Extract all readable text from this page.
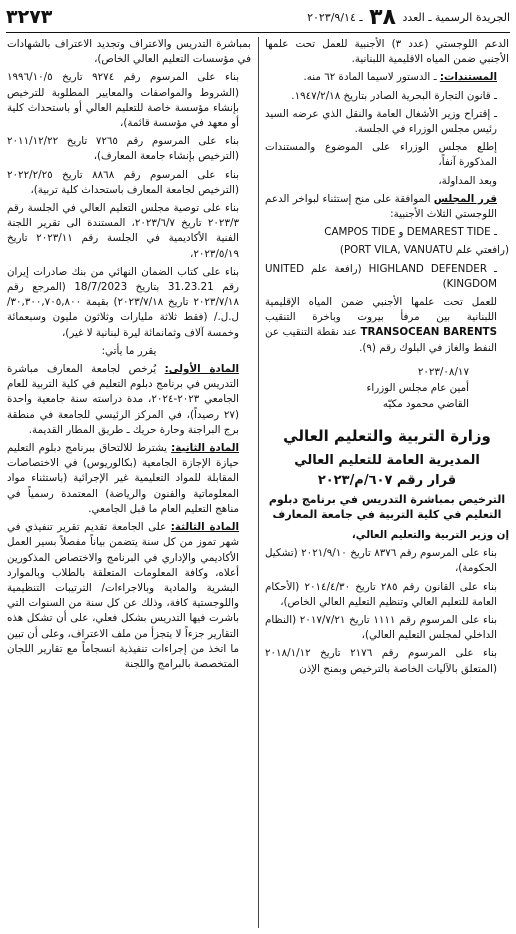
الجريدة الرسمية ـ العدد ٣٨ ـ ٢٠٢٣/٩/١٤
٣٢٧٣

الدعم اللوجستي (عدد ٣) الأجنبية للعمل تحت علمها الأجنبي ضمن المياه الاقليمية اللبنانية.

المستندات: ـ الدستور لاسيما المادة ٦٢ منه.

ـ قانون التجارة البحرية الصادر بتاريخ ١٩٤٧/٢/١٨.

ـ إقتراح وزير الأشغال العامة والنقل الذي عرضه السيد رئيس مجلس الوزراء في الجلسة.

إطلع مجلس الوزراء على الموضوع والمستندات المذكورة آنفاً،

وبعد المداولة،

قرر المجلس الموافقة على منح إستثناء لبواخر الدعم اللوجستي الثلاث الأجنبية:

ـ CAMPOS TIDE و DEMAREST TIDE

(رافعتي علم PORT VILA, VANUATU)

ـ HIGHLAND DEFENDER (رافعة علم UNITED KINGDOM)

للعمل تحت علمها الأجنبي ضمن المياه الإقليمية اللبنانية بين مرفأ بيروت وباخرة التنقيب TRANSOCEAN BARENTS عند نقطة التنقيب عن النفط والغاز في البلوك رقم (٩).

٢٠٢٣/٠٨/١٧
أمين عام مجلس الوزراء
القاضي محمود مكيّه
وزارة التربية والتعليم العالي
المديرية العامة للتعليم العالي
قرار رقم ٦٠٧/م/٢٠٢٣
الترخيص بمباشرة التدريس في برنامج دبلوم التعليم في كلية التربية في جامعة المعارف

إن وزير التربية والتعليم العالي،

بناء على المرسوم رقم ٨٣٧٦ تاريخ ٢٠٢١/٩/١٠ (تشكيل الحكومة)،

بناء على القانون رقم ٢٨٥ تاريخ ٢٠١٤/٤/٣٠ (الأحكام العامة للتعليم العالي وتنظيم التعليم العالي الخاص)،

بناء على المرسوم رقم ١١١١ تاريخ ٢٠١٧/٧/٢١ (النظام الداخلي لمجلس التعليم العالي)،

بناء على المرسوم رقم ٢١٧٦ تاريخ ٢٠١٨/١/١٢ (المتعلق بالآليات الخاصة بالترخيص وبمنح الإذن

بمباشرة التدريس والاعتراف وتجديد الاعتراف بالشهادات في مؤسسات التعليم العالي الخاص)،

بناء على المرسوم رقم ٩٢٧٤ تاريخ ١٩٩٦/١٠/٥ (الشروط والمواصفات والمعايير المطلوبة للترخيص بإنشاء مؤسسة خاصة للتعليم العالي أو باستحداث كلية أو معهد في مؤسسة قائمة)،

بناء على المرسوم رقم ٧٢٦٥ تاريخ ٢٠١١/١٢/٢٢ (الترخيص بإنشاء جامعة المعارف)،

بناء على المرسوم رقم ٨٨٦٨ تاريخ ٢٠٢٢/٢/٢٥ (الترخيص لجامعة المعارف باستحداث كلية تربية)،

بناء على توصية مجلس التعليم العالي في الجلسة رقم ٢٠٢٣/٣ تاريخ ٢٠٢٣/٦/٧، المستندة الى تقرير اللجنة الفنية الأكاديمية في الجلسة رقم ٢٠٢٣/١١ تاريخ ٢٠٢٣/٥/١٩،

بناء على كتاب الضمان النهائي من بنك صادرات إيران رقم 31.23.21 بتاريخ 18/7/2023 (المرجع رقم ٢٠٢٣/٧/١٨ تاريخ ٢٠٢٣/٧/١٨) بقيمة ٣٠,٣٠٠,٧٠٥,٨٠٠/ ل.ل./ (فقط ثلاثة مليارات وثلاثون مليون وسبعمائة وخمسة آلاف وثمانمائة ليرة لبنانية لا غير)،

يقرر ما يأتي:

المادة الأولى: يُرخص لجامعة المعارف مباشرة التدريس في برنامج دبلوم التعليم في كلية التربية للعام الجامعي ٢٠٢٣-٢٠٢٤، مدة دراسته سنة جامعية واحدة (٢٧ رصيداً)، في المركز الرئيسي للجامعة في منطقة برج البراجنة وحارة حريك ـ طريق المطار القديمة.

المادة الثانية: يشترط للالتحاق ببرنامج دبلوم التعليم حيازة الإجازة الجامعية (بكالوريوس) في الاختصاصات المقابلة للمواد التعليمية غير الإجرائية (باستثناء مواد المعلوماتية والفنون والرياضة) المعتمدة رسمياً في مناهج التعليم العام ما قبل الجامعي.

المادة الثالثة: على الجامعة تقديم تقرير تنفيذي في شهر تموز من كل سنة يتضمن بياناً مفصلاً بسير العمل الأكاديمي والإداري في البرنامج والاختصاص المذكورين أعلاه، وكافة المعلومات المتعلقة بالطلاب وبالموارد البشرية والمادية وبالاجراءات/ الترتيبات التنظيمية واللوجستية كافة، وذلك عن كل سنة من السنوات التي باشرت فيها التدريس بشكل فعلي، على أن تشكل هذه التقارير جزءاً لا يتجزأ من ملف الاعتراف، وعلى أن تبين ما اتخذ من إجراءات تنفيذية انسجاماً مع تقارير اللجان المتخصصة بالبرامج واللجنة
